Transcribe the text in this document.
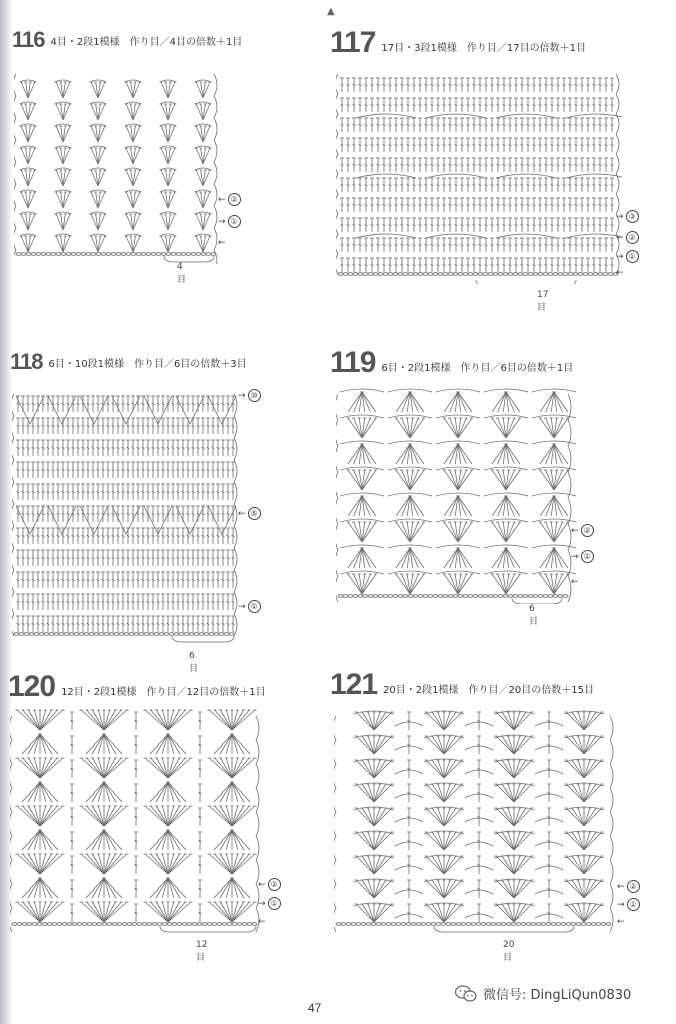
▲
116 4目・2段1模様　作り目／4目の倍数＋1目
← ②
→ ①
←
4目
117 17目・3段1模様　作り目／17目の倍数＋1目
→ ③
← ②
→ ①
←
17目
118 6目・10段1模様　作り目／6目の倍数＋3目
→ ⑩
← ⑤
→ ①
6目
119 6目・2段1模様　作り目／6目の倍数＋1目
← ②
→ ①
←
6目
120 12目・2段1模様　作り目／12目の倍数＋1目
← ②
→ ①
←
12目
121 20目・2段1模様　作り目／20目の倍数＋15目
← ②
→ ①
←
20目
微信号: DingLiQun0830
47
